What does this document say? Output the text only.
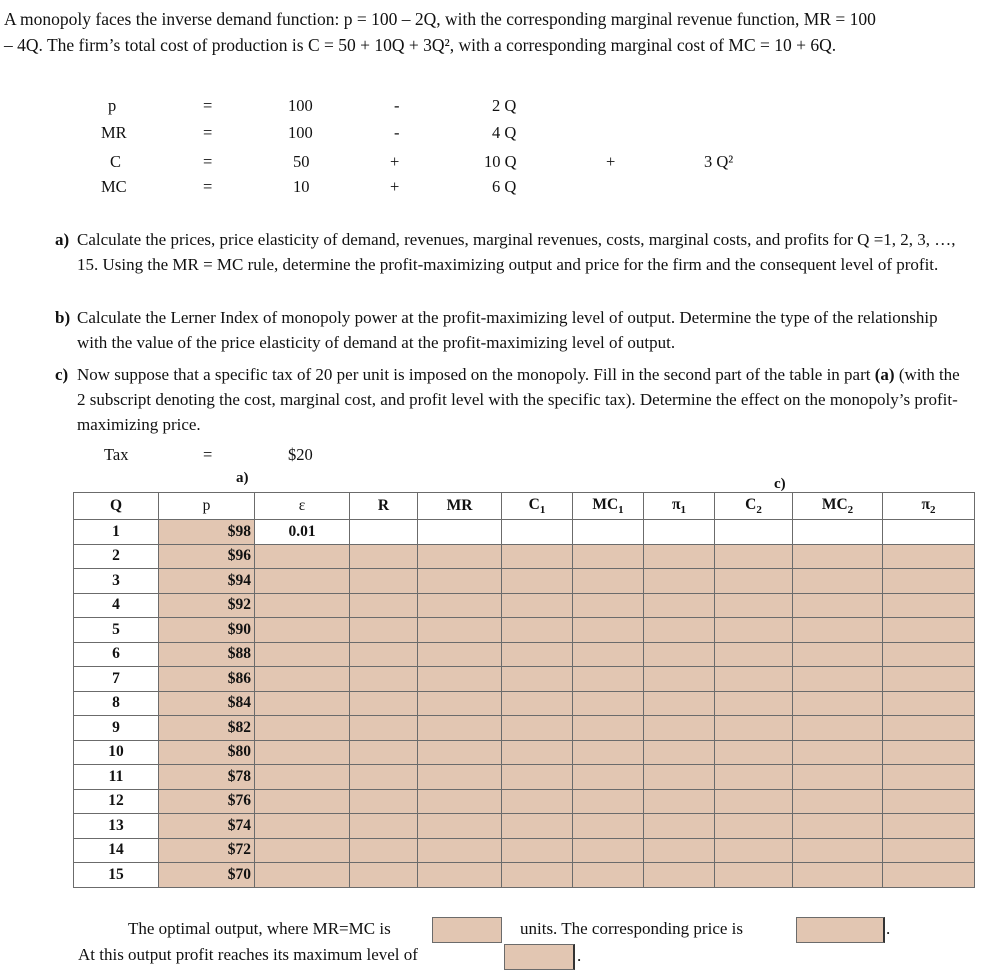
A monopoly faces the inverse demand function: p = 100 – 2Q, with the corresponding marginal revenue function, MR = 100

– 4Q. The firm’s total cost of production is C = 50 + 10Q + 3Q², with a corresponding marginal cost of MC = 10 + 6Q.

p	=	100	-	2 Q
MR	=	100	-	4 Q
C	=	50	+	10 Q	+	3 Q²
MC	=	10	+	6 Q
a) Calculate the prices, price elasticity of demand, revenues, marginal revenues, costs, marginal costs, and profits for Q =1, 2, 3, …, 15. Using the MR = MC rule, determine the profit-maximizing output and price for the firm and the consequent level of profit.
b) Calculate the Lerner Index of monopoly power at the profit-maximizing level of output. Determine the type of the relationship with the value of the price elasticity of demand at the profit-maximizing level of output.
c) Now suppose that a specific tax of 20 per unit is imposed on the monopoly. Fill in the second part of the table in part (a) (with the 2 subscript denoting the cost, marginal cost, and profit level with the specific tax). Determine the effect on the monopoly’s profit-maximizing price.
Tax	=	$20
a)	c)
Q	p	ε	R	MR	$C_1$	$MC_1$	$\pi_1$	$C_2$	$MC_2$	$\pi_2$
1	$98	0.01								
2	$96									
3	$94									
4	$92									
5	$90									
6	$88									
7	$86									
8	$84									
9	$82									
10	$80									
11	$78									
12	$76									
13	$74									
14	$72									
15	$70									
The optimal output, where MR=MC is	units. The corresponding price is	.
At this output profit reaches its maximum level of	.
